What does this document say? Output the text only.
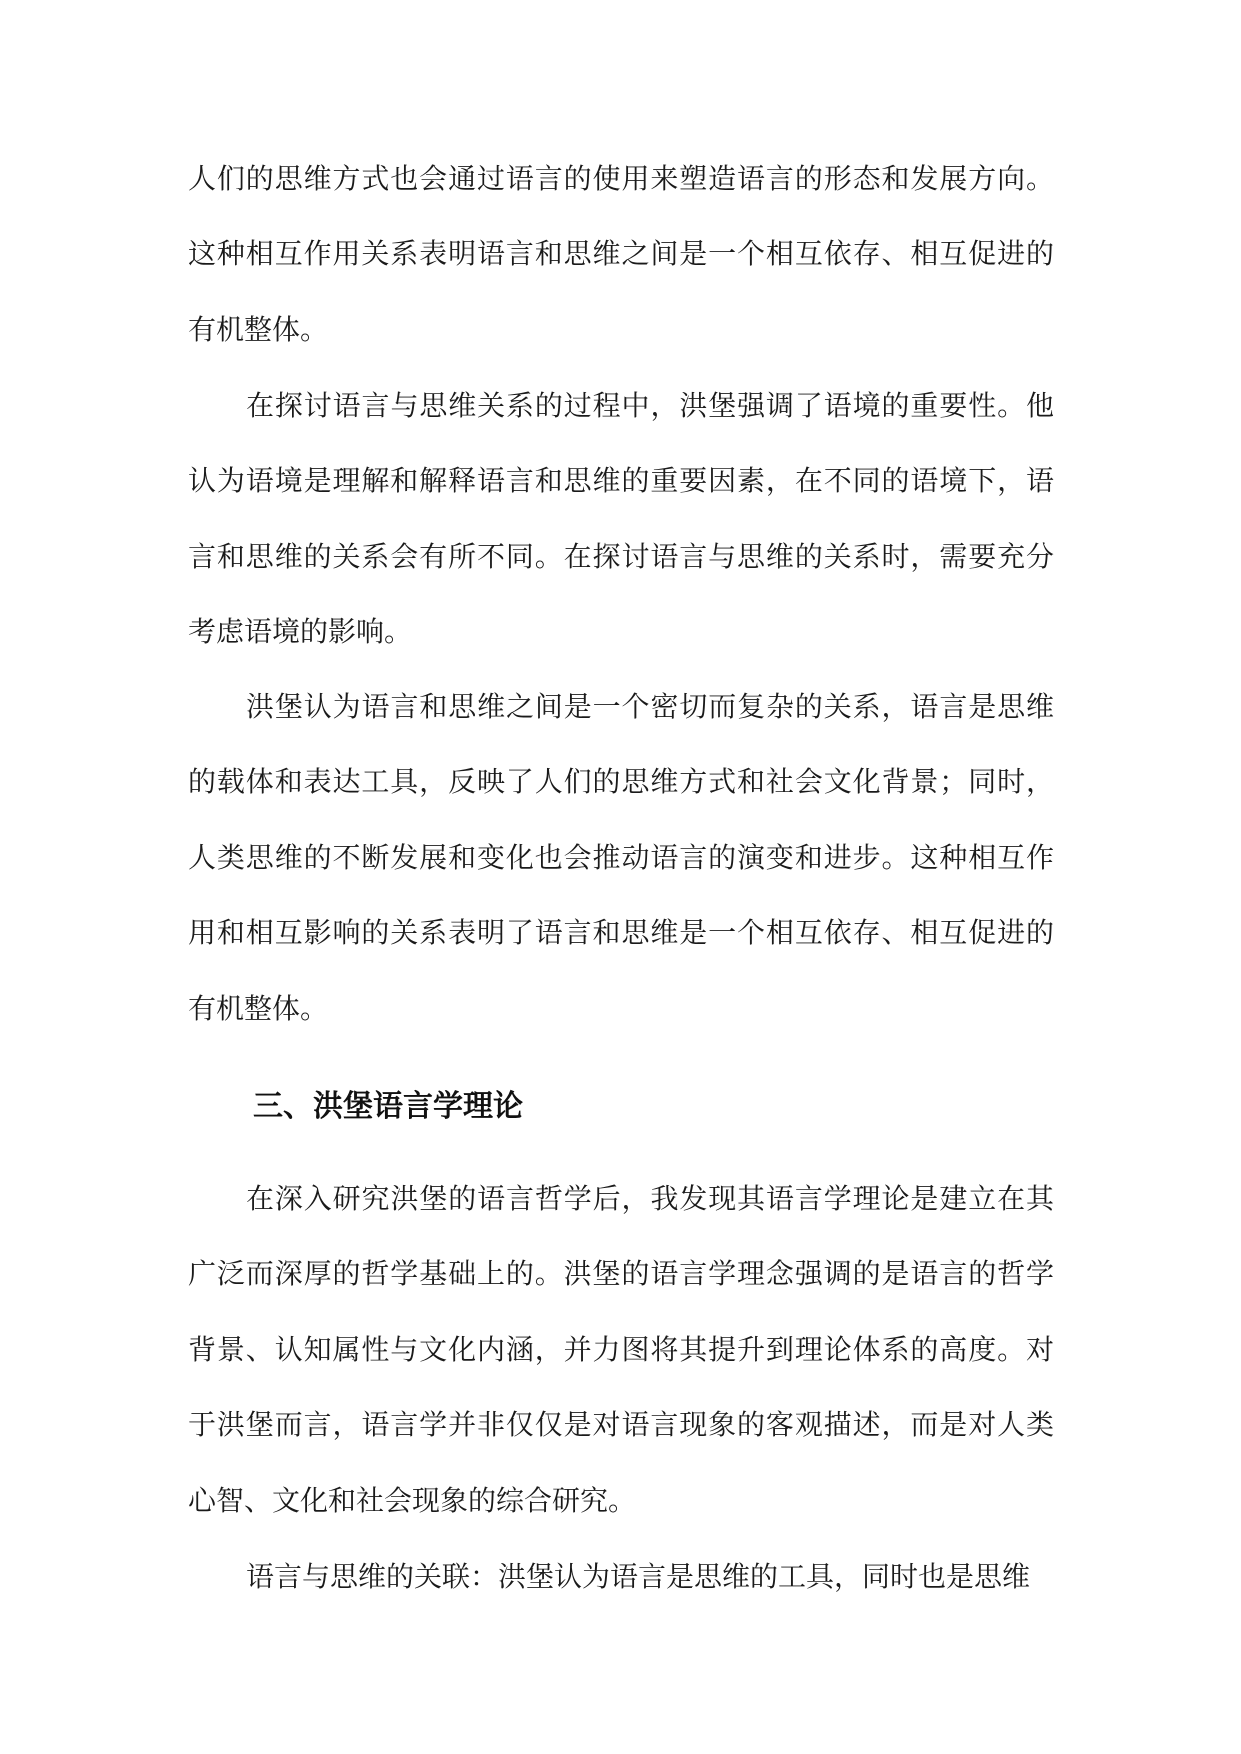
人们的思维方式也会通过语言的使用来塑造语言的形态和发展方向。这种相互作用关系表明语言和思维之间是一个相互依存、相互促进的有机整体。

在探讨语言与思维关系的过程中，洪堡强调了语境的重要性。他认为语境是理解和解释语言和思维的重要因素，在不同的语境下，语言和思维的关系会有所不同。在探讨语言与思维的关系时，需要充分考虑语境的影响。

洪堡认为语言和思维之间是一个密切而复杂的关系，语言是思维的载体和表达工具，反映了人们的思维方式和社会文化背景；同时，人类思维的不断发展和变化也会推动语言的演变和进步。这种相互作用和相互影响的关系表明了语言和思维是一个相互依存、相互促进的有机整体。

三、洪堡语言学理论

在深入研究洪堡的语言哲学后，我发现其语言学理论是建立在其广泛而深厚的哲学基础上的。洪堡的语言学理念强调的是语言的哲学背景、认知属性与文化内涵，并力图将其提升到理论体系的高度。对于洪堡而言，语言学并非仅仅是对语言现象的客观描述，而是对人类心智、文化和社会现象的综合研究。

语言与思维的关联：洪堡认为语言是思维的工具，同时也是思维
